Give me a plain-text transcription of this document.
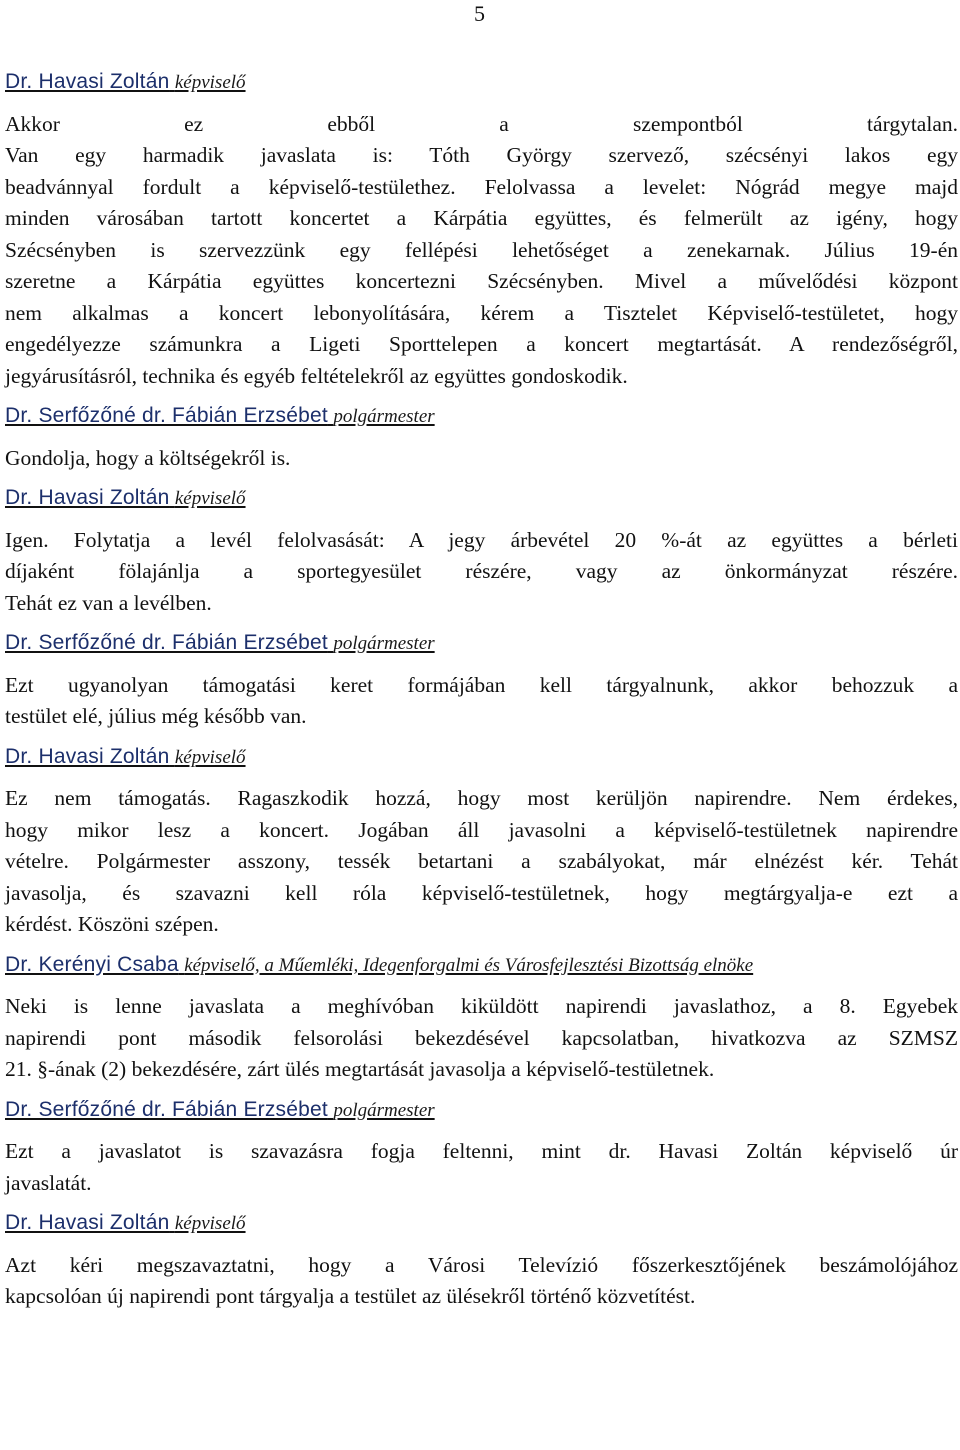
5

Dr. Havasi Zoltán képviselő

Akkor ez ebből a szempontból tárgytalan.
Van egy harmadik javaslata is: Tóth György szervező, szécsényi lakos egy
beadvánnyal fordult a képviselő-testülethez. Felolvassa a levelet: Nógrád megye majd
minden városában tartott koncertet a Kárpátia együttes, és felmerült az igény, hogy
Szécsényben is szervezzünk egy fellépési lehetőséget a zenekarnak. Július 19-én
szeretne a Kárpátia együttes koncertezni Szécsényben. Mivel a művelődési központ
nem alkalmas a koncert lebonyolítására, kérem a Tisztelet Képviselő-testületet, hogy
engedélyezze számunkra a Ligeti Sporttelepen a koncert megtartását. A rendezőségről,
jegyárusításról, technika és egyéb feltételekről az együttes gondoskodik.

Dr. Serfőzőné dr. Fábián Erzsébet polgármester

Gondolja, hogy a költségekről is.

Dr. Havasi Zoltán képviselő

Igen. Folytatja a levél felolvasását: A jegy árbevétel 20 %-át az együttes a bérleti
díjaként fölajánlja a sportegyesület részére, vagy az önkormányzat részére.
Tehát ez van a levélben.

Dr. Serfőzőné dr. Fábián Erzsébet polgármester

Ezt ugyanolyan támogatási keret formájában kell tárgyalnunk, akkor behozzuk a
testület elé, július még később van.

Dr. Havasi Zoltán képviselő

Ez nem támogatás. Ragaszkodik hozzá, hogy most kerüljön napirendre. Nem érdekes,
hogy mikor lesz a koncert. Jogában áll javasolni a képviselő-testületnek napirendre
vételre. Polgármester asszony, tessék betartani a szabályokat, már elnézést kér. Tehát
javasolja, és szavazni kell róla képviselő-testületnek, hogy megtárgyalja-e ezt a
kérdést. Köszöni szépen.

Dr. Kerényi Csaba képviselő, a Műemléki, Idegenforgalmi és Városfejlesztési Bizottság elnöke

Neki is lenne javaslata a meghívóban kiküldött napirendi javaslathoz, a 8. Egyebek
napirendi pont második felsorolási bekezdésével kapcsolatban, hivatkozva az SZMSZ
21. §-ának (2) bekezdésére, zárt ülés megtartását javasolja a képviselő-testületnek.

Dr. Serfőzőné dr. Fábián Erzsébet polgármester

Ezt a javaslatot is szavazásra fogja feltenni, mint dr. Havasi Zoltán képviselő úr
javaslatát.

Dr. Havasi Zoltán képviselő

Azt kéri megszavaztatni, hogy a Városi Televízió főszerkesztőjének beszámolójához
kapcsolóan új napirendi pont tárgyalja a testület az ülésekről történő közvetítést.
